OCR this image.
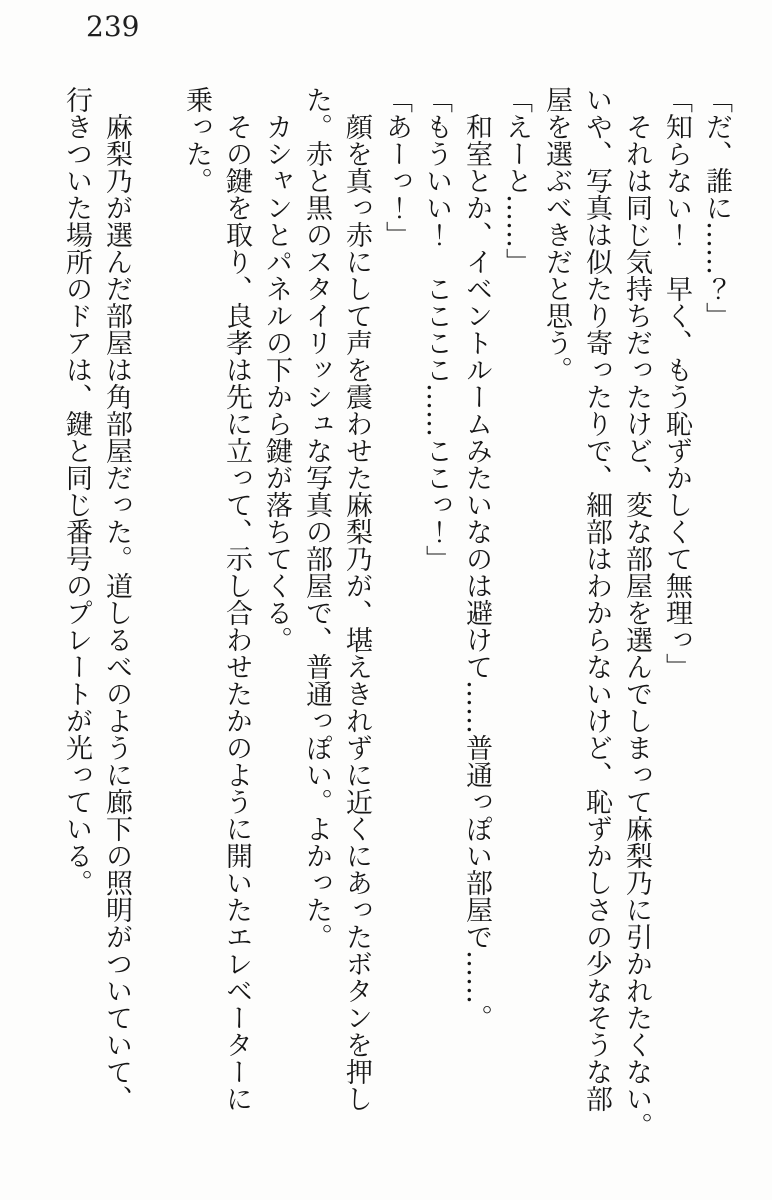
239
「だ、誰に……？」
「知らない！　早く、もう恥ずかしくて無理っ」
それは同じ気持ちだったけど、変な部屋を選んでしまって麻梨乃に引かれたくない。
いや、写真は似たり寄ったりで、細部はわからないけど、恥ずかしさの少なそうな部
屋を選ぶべきだと思う。
「えーと……」
和室とか、イベントルームみたいなのは避けて……普通っぽい部屋で……。
「もういい！　ここここ……ここっ！」
「あーっ！」
顔を真っ赤にして声を震わせた麻梨乃が、堪えきれずに近くにあったボタンを押し
た。赤と黒のスタイリッシュな写真の部屋で、普通っぽい。よかった。
カシャンとパネルの下から鍵が落ちてくる。
その鍵を取り、良孝は先に立って、示し合わせたかのように開いたエレベーターに
乗った。
麻梨乃が選んだ部屋は角部屋だった。道しるべのように廊下の照明がついていて、
行きついた場所のドアは、鍵と同じ番号のプレートが光っている。
